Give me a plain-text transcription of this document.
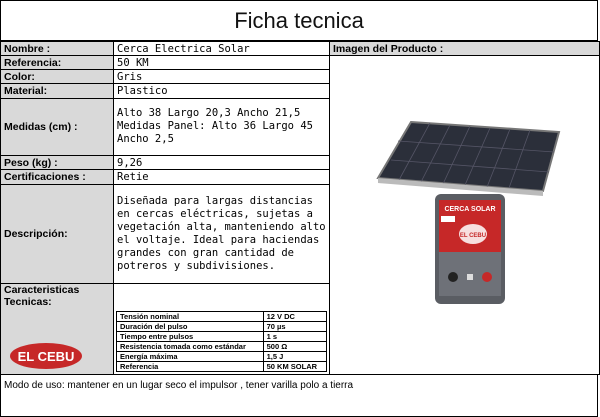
Ficha tecnica
Nombre :	Cerca Electrica Solar	Imagen del Producto :
Referencia:	50 KM	
CERCA SOLAR
EL CEBU

Color:	Gris
Material:	Plastico
Medidas (cm) :	Alto 38 Largo 20,3 Ancho 21,5 Medidas Panel: Alto 36 Largo 45 Ancho 2,5
Peso (kg) :	9,26
Certificaciones :	Retie
Descripción:	Diseñada para largas distancias en cercas eléctricas, sujetas a vegetación alta, manteniendo alto el voltaje. Ideal para haciendas grandes con gran cantidad de potreros y subdivisiones.

Caracteristicas Tecnicas:

Tensión nominal	12 V DC
Duración del pulso	70 µs
Tiempo entre pulsos	1 s
Resistencia tomada como estándar	500 Ω
Energía máxima	1,5 J
Referencia	50 KM SOLAR
EL CEBU
Modo de uso: mantener en un lugar seco el impulsor , tener varilla polo a tierra
